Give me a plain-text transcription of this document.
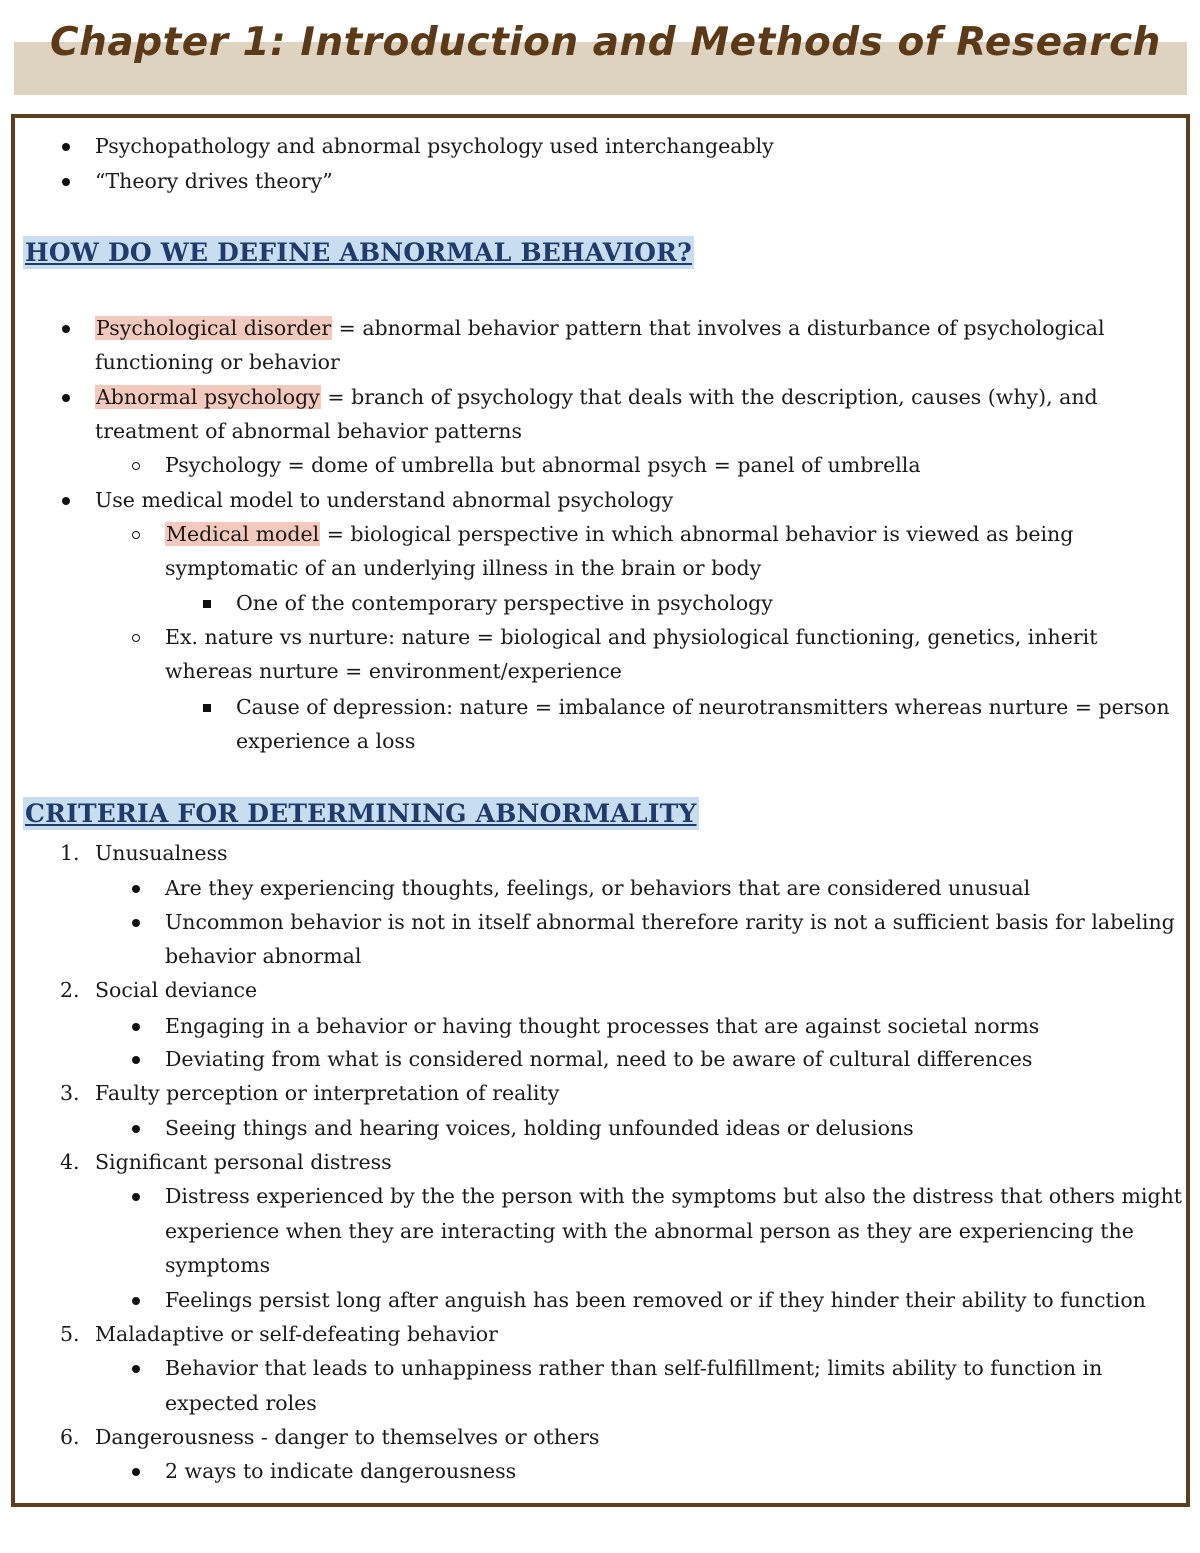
Chapter 1: Introduction and Methods of Research
Psychopathology and abnormal psychology used interchangeably
“Theory drives theory”
HOW DO WE DEFINE ABNORMAL BEHAVIOR?
Psychological disorder = abnormal behavior pattern that involves a disturbance of psychological
functioning or behavior
Abnormal psychology = branch of psychology that deals with the description, causes (why), and
treatment of abnormal behavior patterns
Psychology = dome of umbrella but abnormal psych = panel of umbrella
Use medical model to understand abnormal psychology
Medical model = biological perspective in which abnormal behavior is viewed as being
symptomatic of an underlying illness in the brain or body
One of the contemporary perspective in psychology
Ex. nature vs nurture: nature = biological and physiological functioning, genetics, inherit
whereas nurture = environment/experience
Cause of depression: nature = imbalance of neurotransmitters whereas nurture = person
experience a loss
CRITERIA FOR DETERMINING ABNORMALITY
1. Unusualness
Are they experiencing thoughts, feelings, or behaviors that are considered unusual
Uncommon behavior is not in itself abnormal therefore rarity is not a sufficient basis for labeling
behavior abnormal
2. Social deviance
Engaging in a behavior or having thought processes that are against societal norms
Deviating from what is considered normal, need to be aware of cultural differences
3. Faulty perception or interpretation of reality
Seeing things and hearing voices, holding unfounded ideas or delusions
4. Significant personal distress
Distress experienced by the the person with the symptoms but also the distress that others might
experience when they are interacting with the abnormal person as they are experiencing the
symptoms
Feelings persist long after anguish has been removed or if they hinder their ability to function
5. Maladaptive or self-defeating behavior
Behavior that leads to unhappiness rather than self-fulfillment; limits ability to function in
expected roles
6. Dangerousness - danger to themselves or others
2 ways to indicate dangerousness
